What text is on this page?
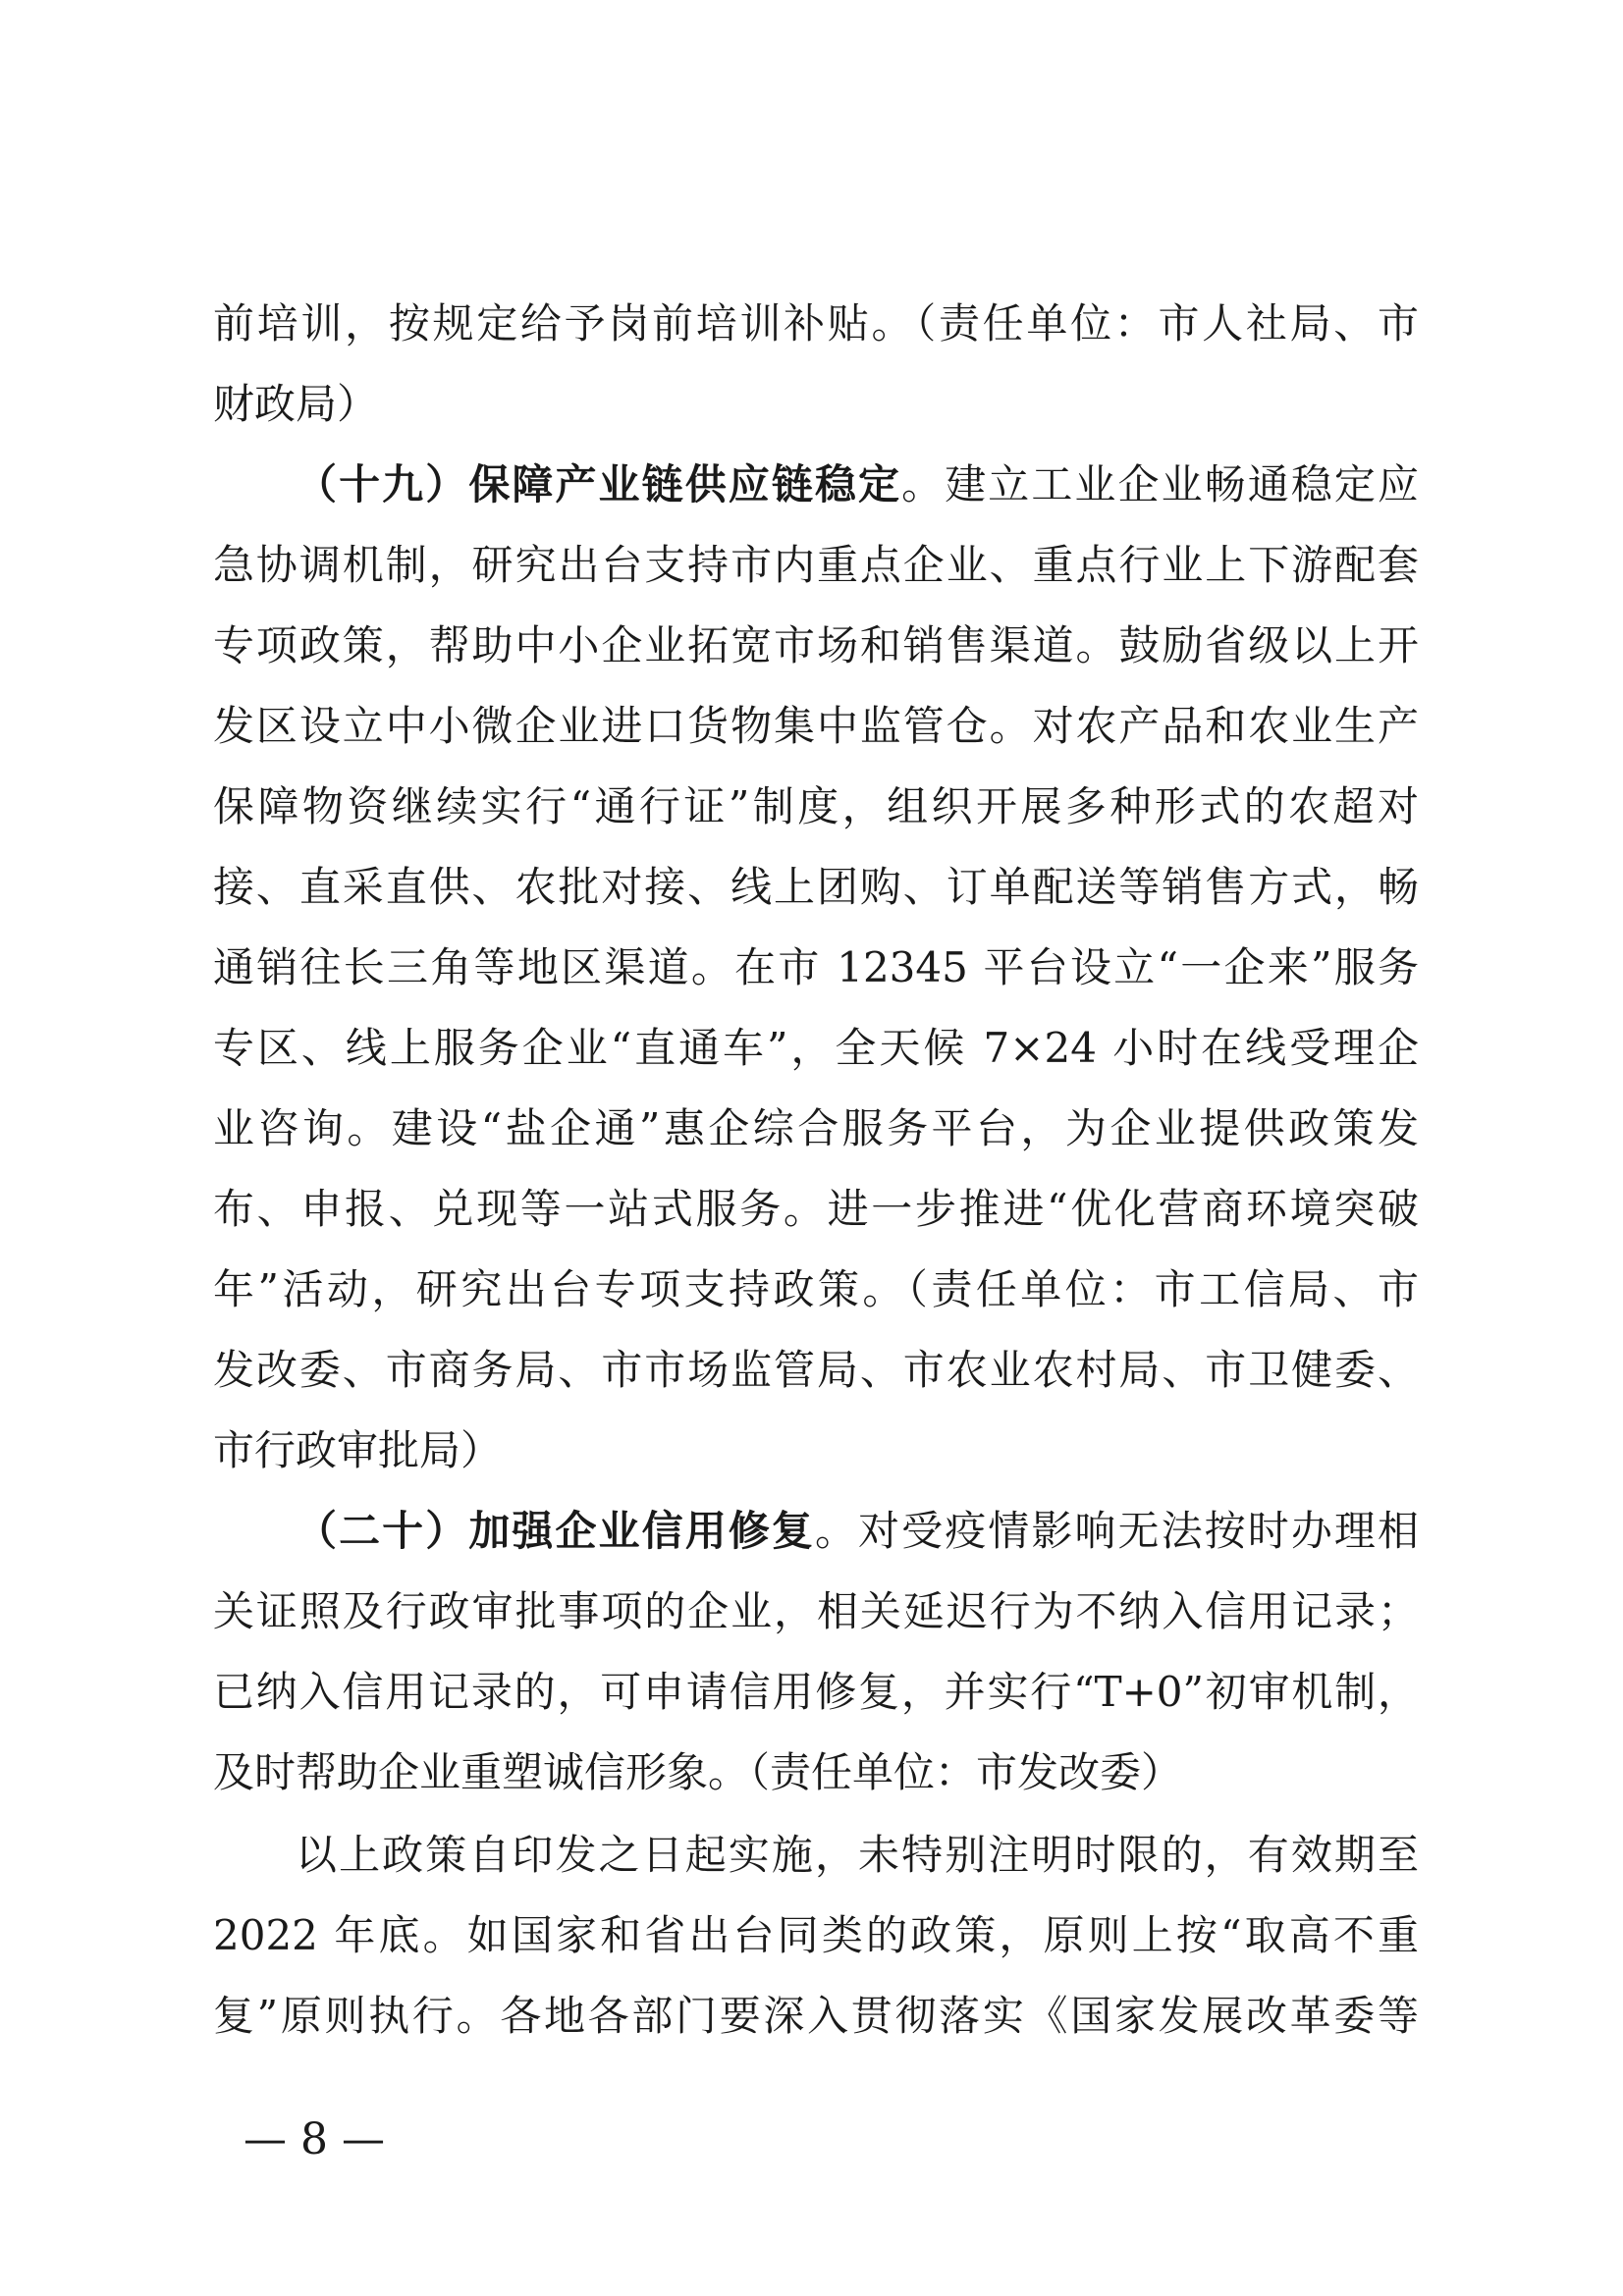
前培训，按规定给予岗前培训补贴。（责任单位：市人社局、市
财政局）
（十九）保障产业链供应链稳定。建立工业企业畅通稳定应
急协调机制，研究出台支持市内重点企业、重点行业上下游配套
专项政策，帮助中小企业拓宽市场和销售渠道。鼓励省级以上开
发区设立中小微企业进口货物集中监管仓。对农产品和农业生产
保障物资继续实行“通行证”制度，组织开展多种形式的农超对
接、直采直供、农批对接、线上团购、订单配送等销售方式，畅
通销往长三角等地区渠道。在市 12345 平台设立“一企来”服务
专区、线上服务企业“直通车”，全天候 7×24 小时在线受理企
业咨询。建设“盐企通”惠企综合服务平台，为企业提供政策发
布、申报、兑现等一站式服务。进一步推进“优化营商环境突破
年”活动，研究出台专项支持政策。（责任单位：市工信局、市
发改委、市商务局、市市场监管局、市农业农村局、市卫健委、
市行政审批局）
（二十）加强企业信用修复。对受疫情影响无法按时办理相
关证照及行政审批事项的企业，相关延迟行为不纳入信用记录；
已纳入信用记录的，可申请信用修复，并实行“T+0”初审机制，
及时帮助企业重塑诚信形象。（责任单位：市发改委）
以上政策自印发之日起实施，未特别注明时限的，有效期至
2022 年底。如国家和省出台同类的政策，原则上按“取高不重
复”原则执行。各地各部门要深入贯彻落实《国家发展改革委等
— 8 —
